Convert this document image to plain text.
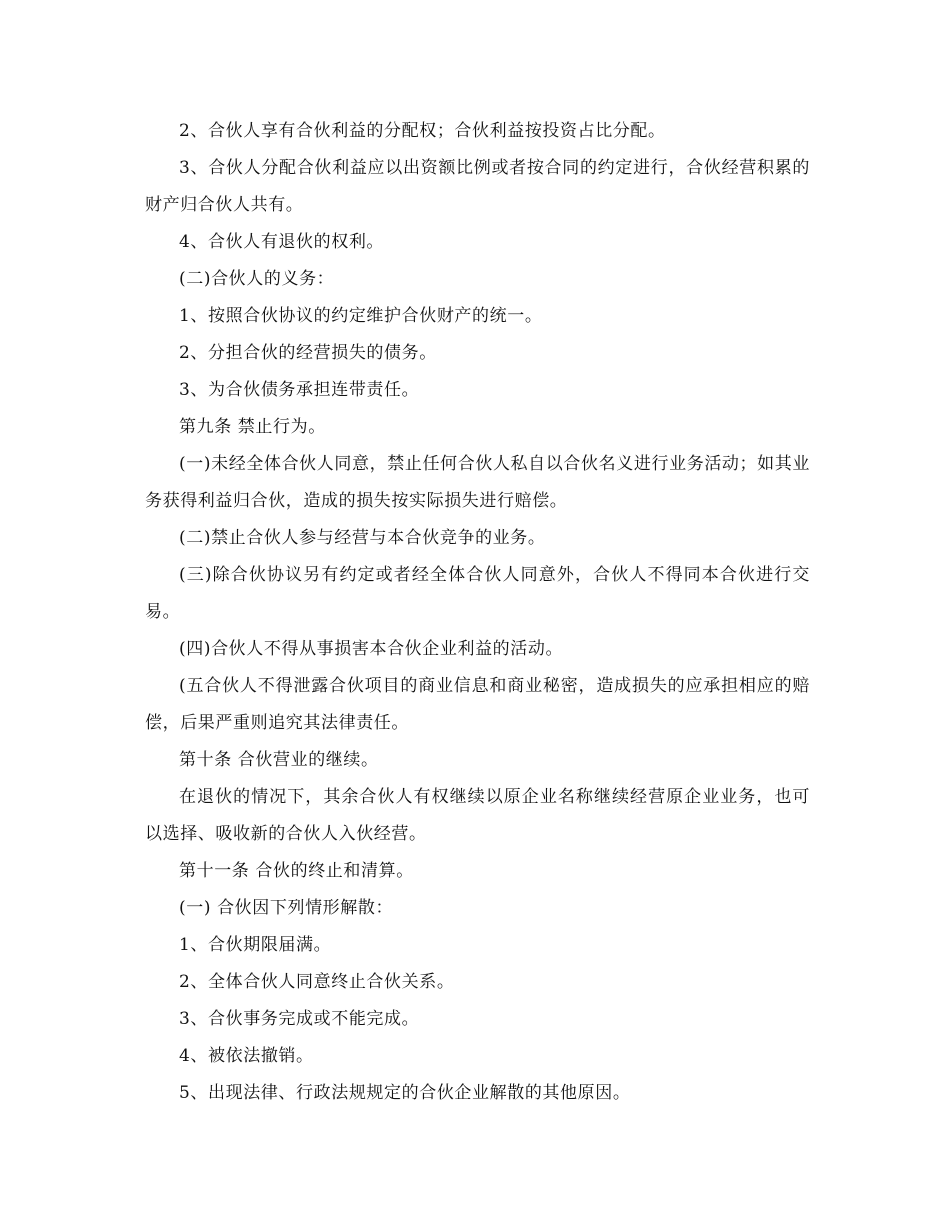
2、合伙人享有合伙利益的分配权；合伙利益按投资占比分配。

3、合伙人分配合伙利益应以出资额比例或者按合同的约定进行，合伙经营积累的财产归合伙人共有。

4、合伙人有退伙的权利。

(二)合伙人的义务：

1、按照合伙协议的约定维护合伙财产的统一。

2、分担合伙的经营损失的债务。

3、为合伙债务承担连带责任。

第九条 禁止行为。

(一)未经全体合伙人同意，禁止任何合伙人私自以合伙名义进行业务活动；如其业务获得利益归合伙，造成的损失按实际损失进行赔偿。

(二)禁止合伙人参与经营与本合伙竞争的业务。

(三)除合伙协议另有约定或者经全体合伙人同意外，合伙人不得同本合伙进行交易。

(四)合伙人不得从事损害本合伙企业利益的活动。

(五合伙人不得泄露合伙项目的商业信息和商业秘密，造成损失的应承担相应的赔偿，后果严重则追究其法律责任。

第十条 合伙营业的继续。

在退伙的情况下，其余合伙人有权继续以原企业名称继续经营原企业业务，也可以选择、吸收新的合伙人入伙经营。

第十一条 合伙的终止和清算。

(一) 合伙因下列情形解散：

1、合伙期限届满。

2、全体合伙人同意终止合伙关系。

3、合伙事务完成或不能完成。

4、被依法撤销。

5、出现法律、行政法规规定的合伙企业解散的其他原因。
